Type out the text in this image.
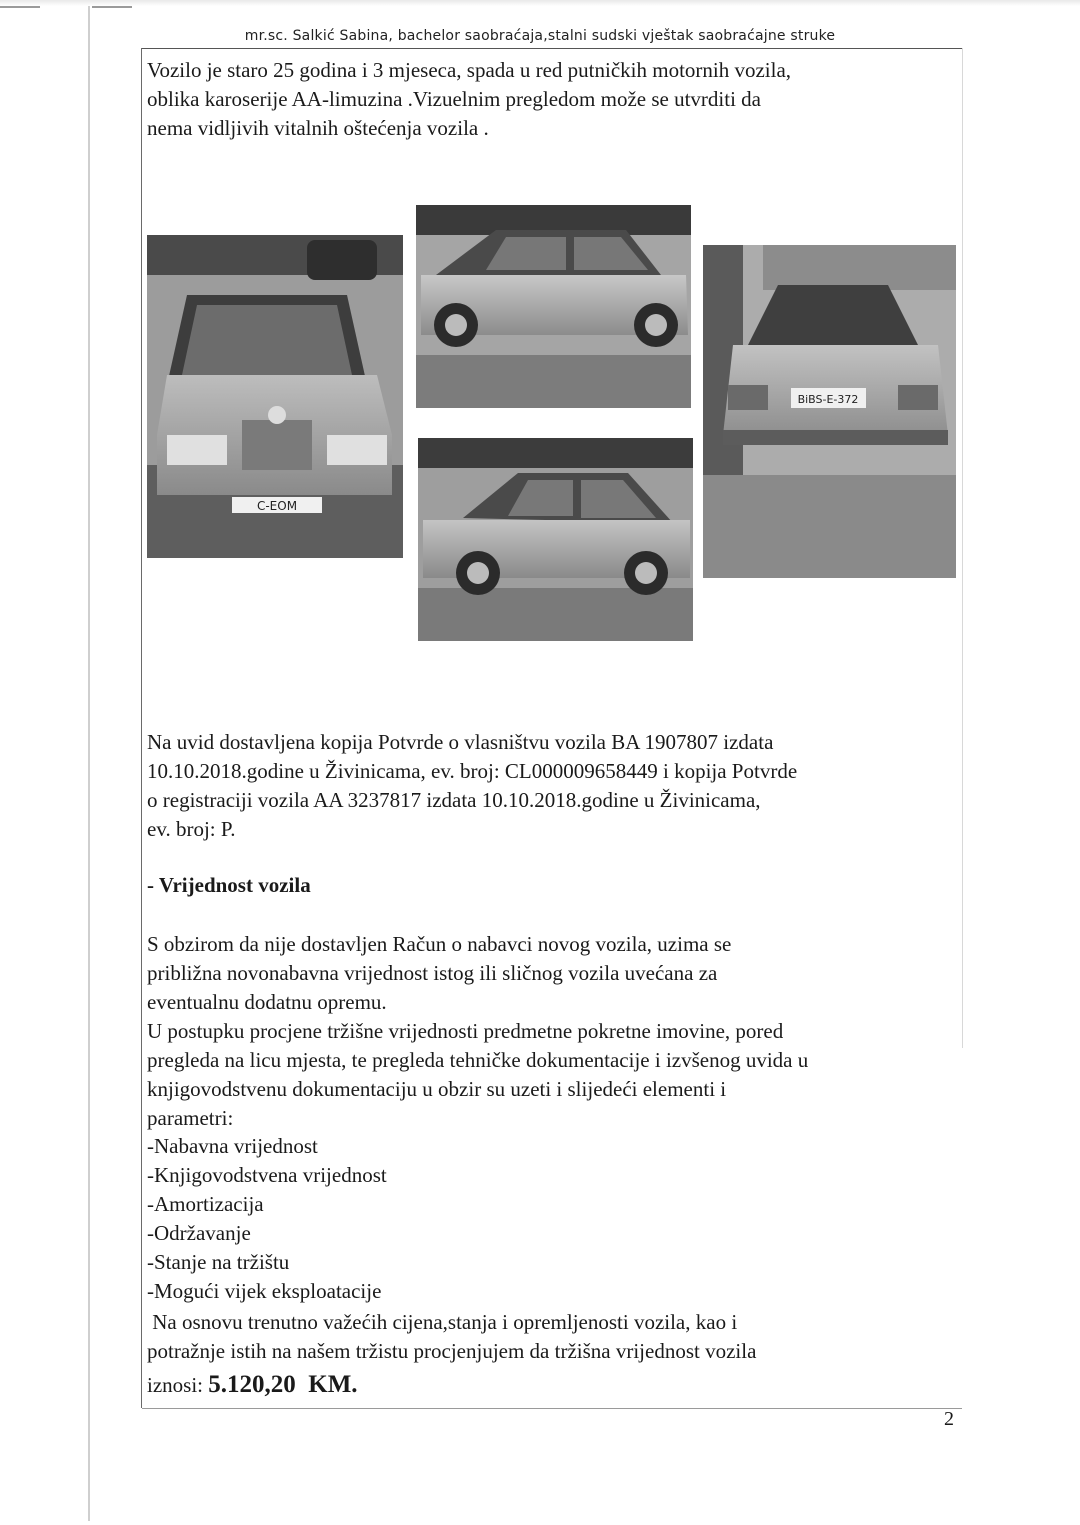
mr.sc. Salkić Sabina, bachelor saobraćaja,stalni sudski vještak saobraćajne struke

Vozilo je staro 25 godina i 3 mjeseca, spada u red putničkih motornih vozila,
oblika karoserije AA-limuzina .Vizuelnim pregledom može se utvrditi da
nema vidljivih vitalnih oštećenja vozila .

C-EOM
BiBS-E-372

Na uvid dostavljena kopija Potvrde o vlasništvu vozila BA 1907807 izdata
10.10.2018.godine u Živinicama, ev. broj: CL000009658449 i kopija Potvrde
o registraciji vozila AA 3237817 izdata 10.10.2018.godine u Živinicama,
ev. broj: P.

- Vrijednost vozila

S obzirom da nije dostavljen Račun o nabavci novog vozila, uzima se
približna novonabavna vrijednost istog ili sličnog vozila uvećana za
eventualnu dodatnu opremu.
U postupku procjene tržišne vrijednosti predmetne pokretne imovine, pored
pregleda na licu mjesta, te pregleda tehničke dokumentacije i izvšenog uvida u
knjigovodstvenu dokumentaciju u obzir su uzeti i slijedeći elementi i
parametri:

-Nabavna vrijednost
-Knjigovodstvena vrijednost
-Amortizacija
-Održavanje
-Stanje na tržištu
-Mogući vijek eksploatacije

Na osnovu trenutno važećih cijena,stanja i opremljenosti vozila, kao i
potražnje istih na našem tržistu procjenjujem da tržišna vrijednost vozila
iznosi: 5.120,20  KM.

2
